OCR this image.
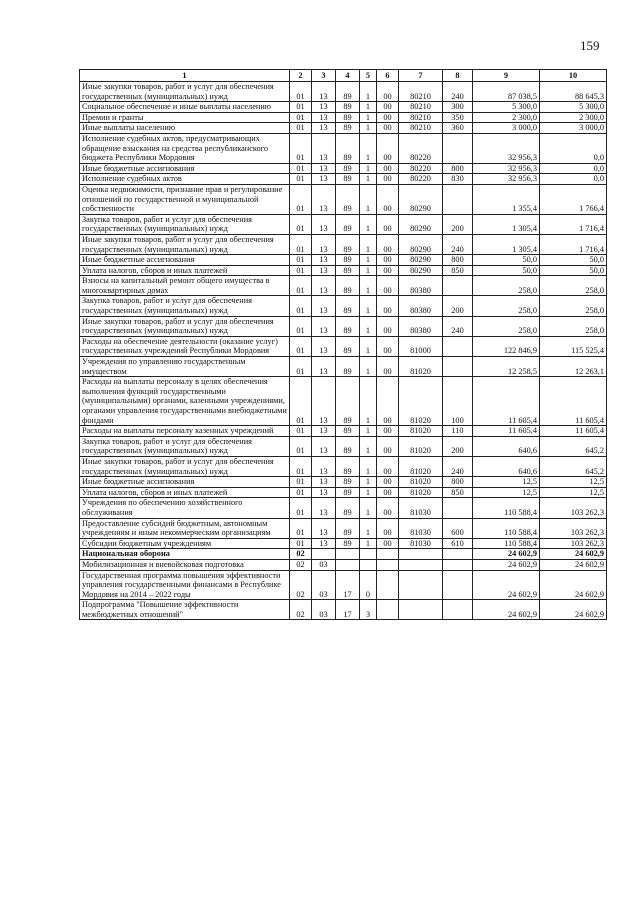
159
1	2	3	4	5	6	7	8	9	10
Иные закупки товаров, работ и услуг для обеспечения государственных (муниципальных) нужд	01	13	89	1	00	80210	240	87 038,5	88 645,3
Социальное обеспечение и иные выплаты населению	01	13	89	1	00	80210	300	5 300,0	5 300,0
Премии и гранты	01	13	89	1	00	80210	350	2 300,0	2 300,0
Иные выплаты населению	01	13	89	1	00	80210	360	3 000,0	3 000,0
Исполнение судебных актов, предусматривающих обращение взыскания на средства республиканского бюджета Республики Мордовия	01	13	89	1	00	80220		32 956,3	0,0
Иные бюджетные ассигнования	01	13	89	1	00	80220	800	32 956,3	0,0
Исполнение судебных актов	01	13	89	1	00	80220	830	32 956,3	0,0
Оценка недвижимости, признание прав и регулирование отношений по государственной и муниципальной собственности	01	13	89	1	00	80290		1 355,4	1 766,4
Закупка товаров, работ и услуг для обеспечения государственных (муниципальных) нужд	01	13	89	1	00	80290	200	1 305,4	1 716,4
Иные закупки товаров, работ и услуг для обеспечения государственных (муниципальных) нужд	01	13	89	1	00	80290	240	1 305,4	1 716,4
Иные бюджетные ассигнования	01	13	89	1	00	80290	800	50,0	50,0
Уплата налогов, сборов и иных платежей	01	13	89	1	00	80290	850	50,0	50,0
Взносы на капитальный ремонт общего имущества в многоквартирных домах	01	13	89	1	00	80380		258,0	258,0
Закупка товаров, работ и услуг для обеспечения государственных (муниципальных) нужд	01	13	89	1	00	80380	200	258,0	258,0
Иные закупки товаров, работ и услуг для обеспечения государственных (муниципальных) нужд	01	13	89	1	00	80380	240	258,0	258,0
Расходы на обеспечение деятельности (оказание услуг) государственных учреждений Республики Мордовия	01	13	89	1	00	81000		122 846,9	115 525,4
Учреждения по управлению государственным имуществом	01	13	89	1	00	81020		12 258,5	12 263,1
Расходы на выплаты персоналу в целях обеспечения выполнения функций государственными (муниципальными) органами, казенными учреждениями, органами управления государственными внебюджетными фондами	01	13	89	1	00	81020	100	11 605,4	11 605,4
Расходы на выплаты персоналу казенных учреждений	01	13	89	1	00	81020	110	11 605,4	11 605,4
Закупка товаров, работ и услуг для обеспечения государственных (муниципальных) нужд	01	13	89	1	00	81020	200	640,6	645,2
Иные закупки товаров, работ и услуг для обеспечения государственных (муниципальных) нужд	01	13	89	1	00	81020	240	640,6	645,2
Иные бюджетные ассигнования	01	13	89	1	00	81020	800	12,5	12,5
Уплата налогов, сборов и иных платежей	01	13	89	1	00	81020	850	12,5	12,5
Учреждения по обеспечению хозяйственного обслуживания	01	13	89	1	00	81030		110 588,4	103 262,3
Предоставление субсидий бюджетным, автономным учреждениям и иным некоммерческим организациям	01	13	89	1	00	81030	600	110 588,4	103 262,3
Субсидии бюджетным учреждениям	01	13	89	1	00	81030	610	110 588,4	103 262,3
Национальная оборона	02							24 602,9	24 602,9
Мобилизационная и вневойсковая подготовка	02	03						24 602,9	24 602,9
Государственная программа повышения эффективности управления государственными финансами в Республике Мордовия на 2014 – 2022 годы	02	03	17	0				24 602,9	24 602,9
Подпрограмма "Повышение эффективности межбюджетных отношений"	02	03	17	3				24 602,9	24 602,9
